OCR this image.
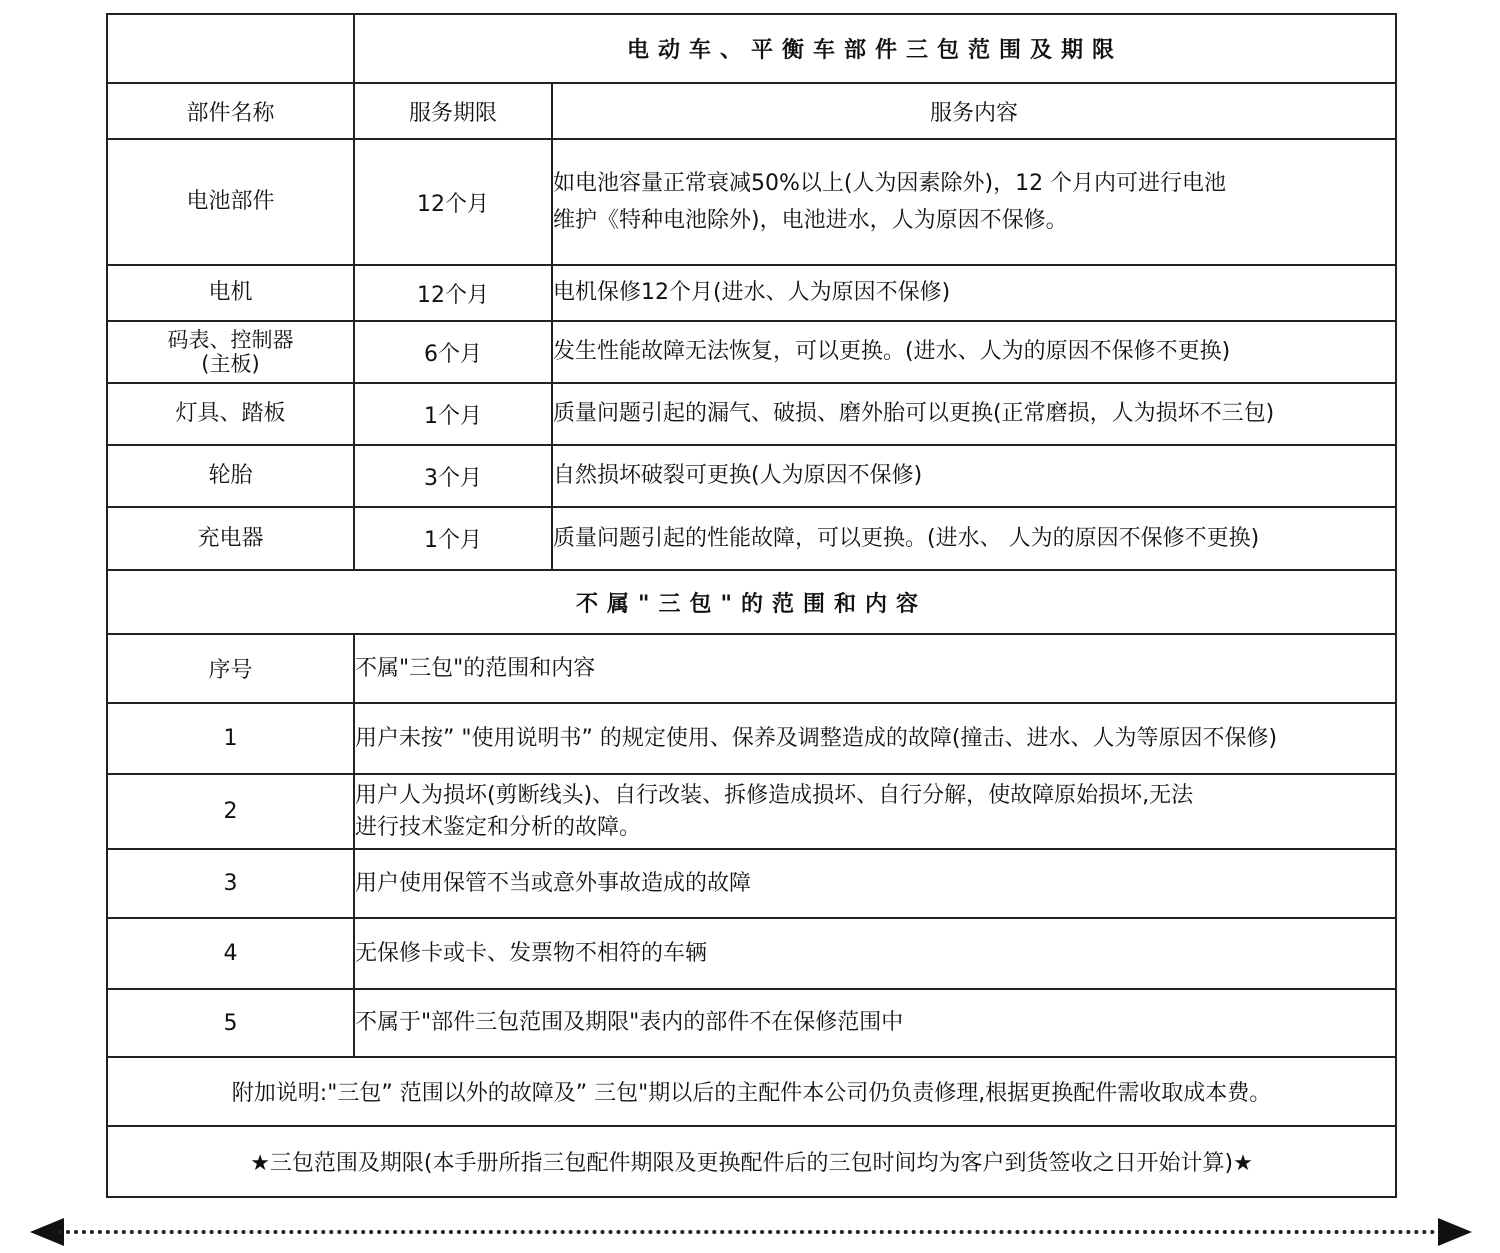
	电动车、平衡车部件三包范围及期限	
部件名称	服务期限	服务内容
电池部件	12个月	如电池容量正常衰减50%以上(人为因素除外)，12 个月内可进行电池
维护《特种电池除外)，电池进水，人为原因不保修。

电机	12个月	电机保修12个月(进水、人为原因不保修)

码表、控制器
(主板)	6个月	发生性能故障无法恢复，可以更换。(进水、人为的原因不保修不更换)
灯具、踏板	1个月	质量问题引起的漏气、破损、磨外胎可以更换(正常磨损，人为损坏不三包)
轮胎	3个月	自然损坏破裂可更换(人为原因不保修)
充电器	1个月	质量问题引起的性能故障，可以更换。(进水、 人为的原因不保修不更换)
不属"三包"的范围和内容		
序号	不属"三包"的范围和内容	
1	用户未按” "使用说明书” 的规定使用、保养及调整造成的故障(撞击、进水、人为等原因不保修)	
2	用户人为损坏(剪断线头)、自行改装、拆修造成损坏、自行分解，使故障原始损坏,无法
进行技术鉴定和分析的故障。	

3	用户使用保管不当或意外事故造成的故障	
4	无保修卡或卡、发票物不相符的车辆	
5	不属于"部件三包范围及期限"表内的部件不在保修范围中	
附加说明:"三包” 范围以外的故障及” 三包"期以后的主配件本公司仍负责修理,根据更换配件需收取成本费。		
★三包范围及期限(本手册所指三包配件期限及更换配件后的三包时间均为客户到货签收之日开始计算)★		
